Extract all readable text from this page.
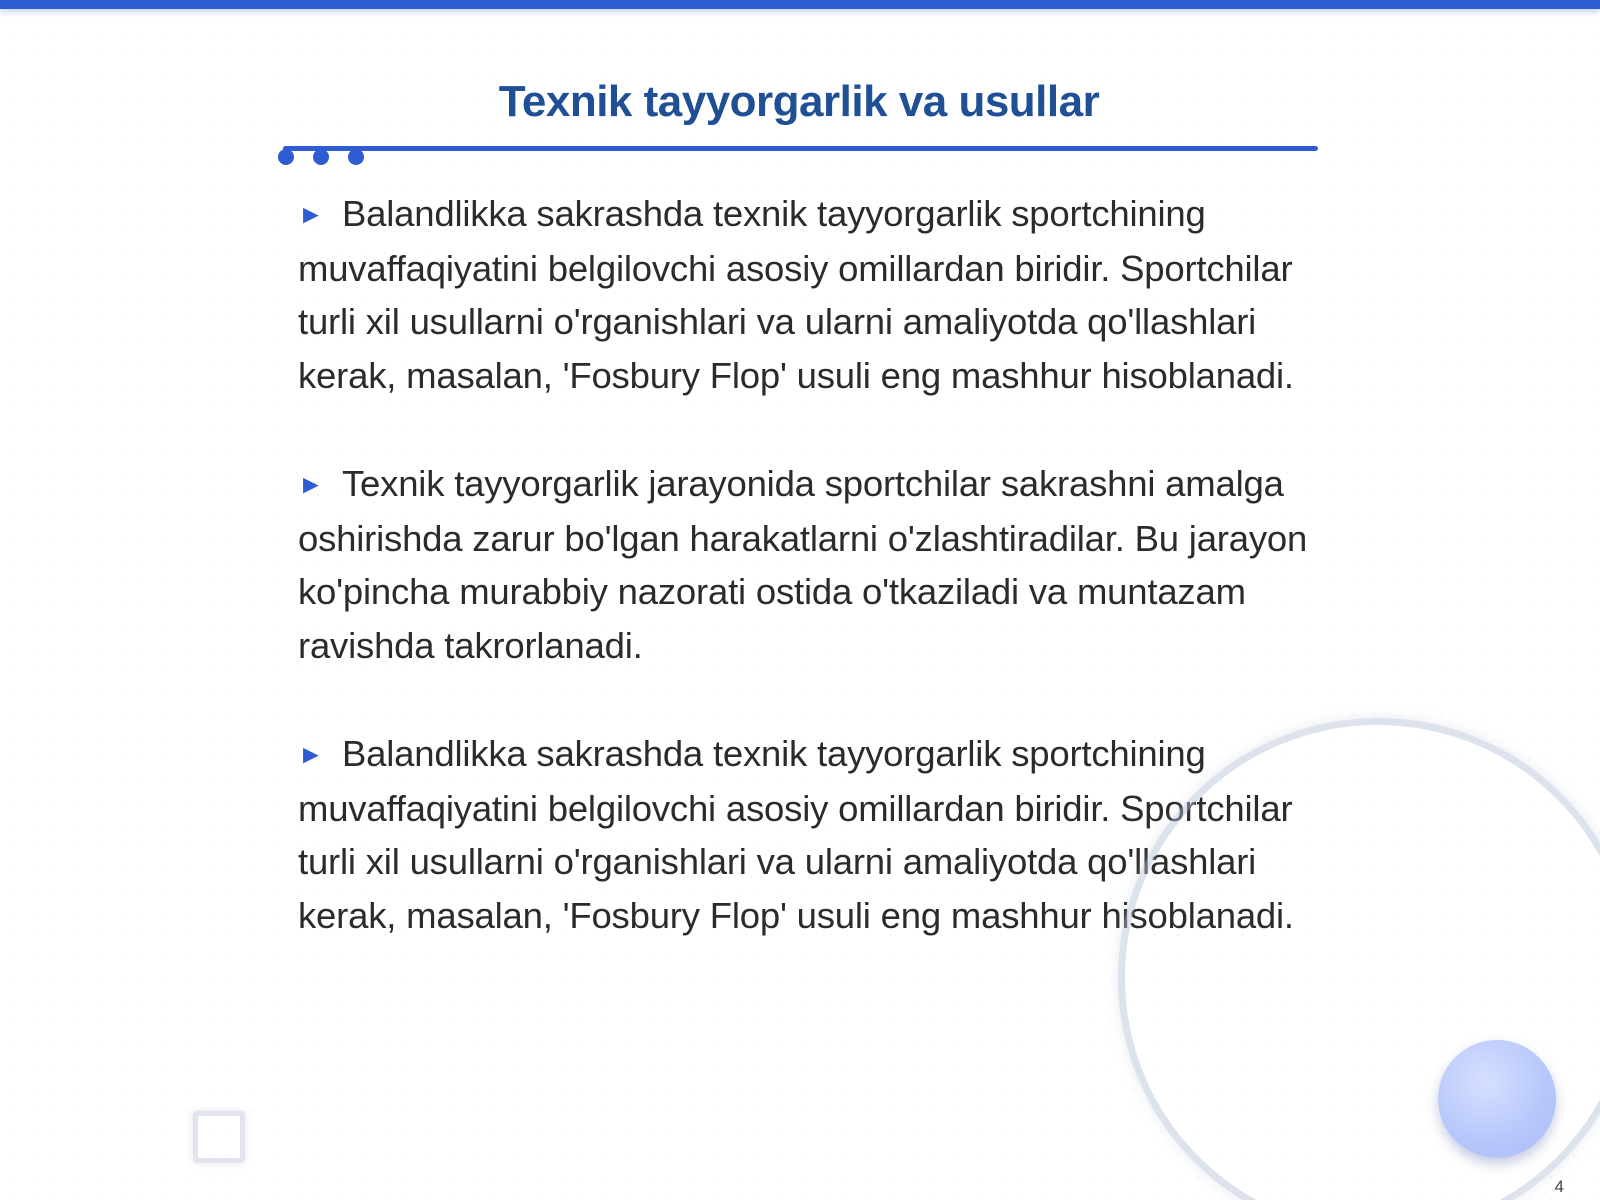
Texnik tayyorgarlik va usullar

► Balandlikka sakrashda texnik tayyorgarlik sportchining muvaffaqiyatini belgilovchi asosiy omillardan biridir. Sportchilar turli xil usullarni o'rganishlari va ularni amaliyotda qo'llashlari kerak, masalan, 'Fosbury Flop' usuli eng mashhur hisoblanadi.

► Texnik tayyorgarlik jarayonida sportchilar sakrashni amalga oshirishda zarur bo'lgan harakatlarni o'zlashtiradilar. Bu jarayon ko'pincha murabbiy nazorati ostida o'tkaziladi va muntazam ravishda takrorlanadi.

► Balandlikka sakrashda texnik tayyorgarlik sportchining muvaffaqiyatini belgilovchi asosiy omillardan biridir. Sportchilar turli xil usullarni o'rganishlari va ularni amaliyotda qo'llashlari kerak, masalan, 'Fosbury Flop' usuli eng mashhur hisoblanadi.

4
